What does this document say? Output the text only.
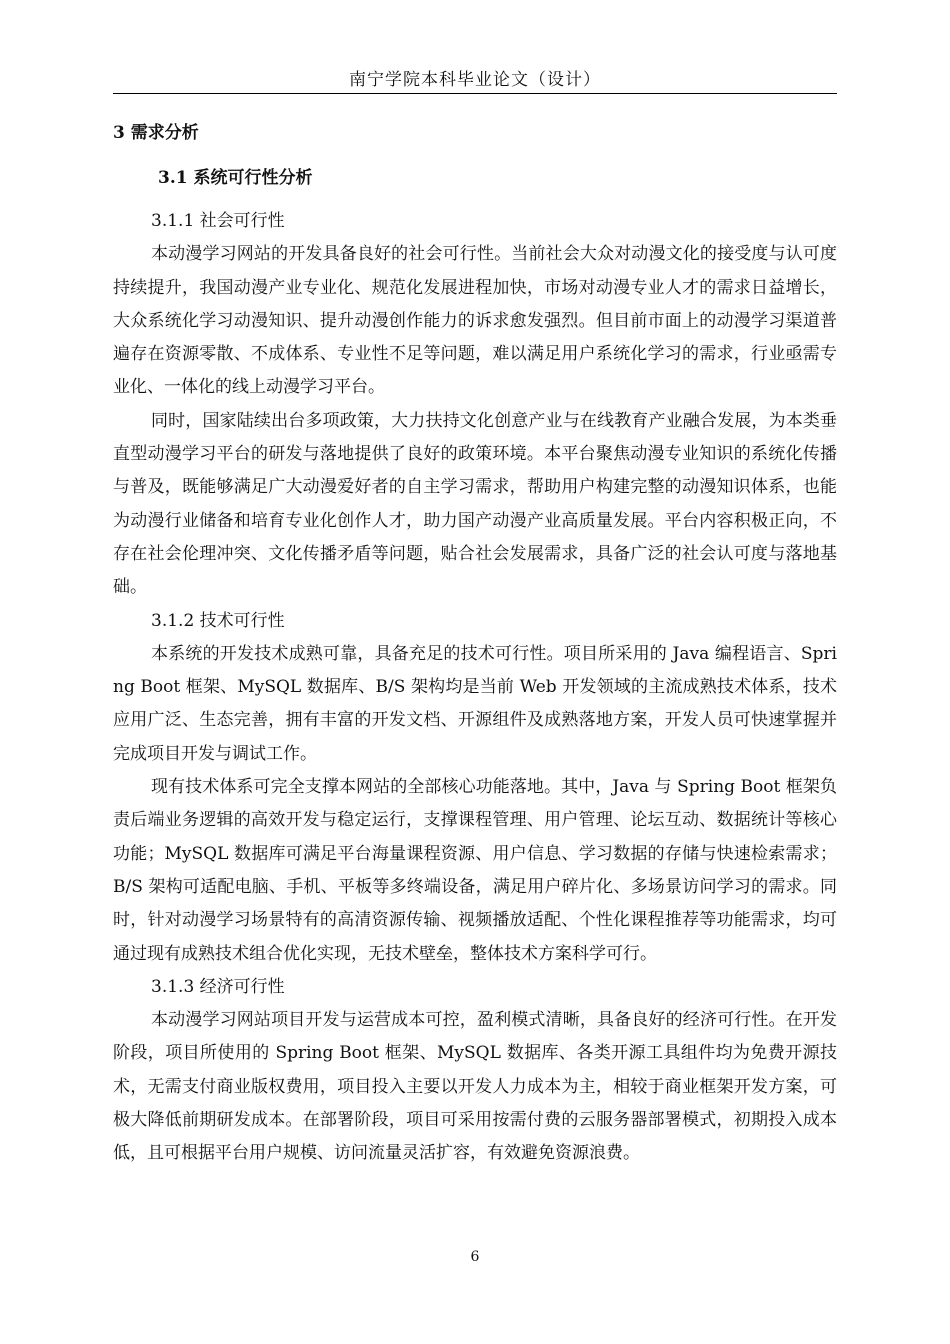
南宁学院本科毕业论文（设计）
3 需求分析
3.1 系统可行性分析

3.1.1 社会可行性

本动漫学习网站的开发具备良好的社会可行性。当前社会大众对动漫文化的接受度与认可度持续提升，我国动漫产业专业化、规范化发展进程加快，市场对动漫专业人才的需求日益增长，大众系统化学习动漫知识、提升动漫创作能力的诉求愈发强烈。但目前市面上的动漫学习渠道普遍存在资源零散、不成体系、专业性不足等问题，难以满足用户系统化学习的需求，行业亟需专业化、一体化的线上动漫学习平台。

同时，国家陆续出台多项政策，大力扶持文化创意产业与在线教育产业融合发展，为本类垂直型动漫学习平台的研发与落地提供了良好的政策环境。本平台聚焦动漫专业知识的系统化传播与普及，既能够满足广大动漫爱好者的自主学习需求，帮助用户构建完整的动漫知识体系，也能为动漫行业储备和培育专业化创作人才，助力国产动漫产业高质量发展。平台内容积极正向，不存在社会伦理冲突、文化传播矛盾等问题，贴合社会发展需求，具备广泛的社会认可度与落地基础。

3.1.2 技术可行性

本系统的开发技术成熟可靠，具备充足的技术可行性。项目所采用的 Java 编程语言、Spring Boot 框架、MySQL 数据库、B/S 架构均是当前 Web 开发领域的主流成熟技术体系，技术应用广泛、生态完善，拥有丰富的开发文档、开源组件及成熟落地方案，开发人员可快速掌握并完成项目开发与调试工作。

现有技术体系可完全支撑本网站的全部核心功能落地。其中，Java 与 Spring Boot 框架负责后端业务逻辑的高效开发与稳定运行，支撑课程管理、用户管理、论坛互动、数据统计等核心功能；MySQL 数据库可满足平台海量课程资源、用户信息、学习数据的存储与快速检索需求；B/S 架构可适配电脑、手机、平板等多终端设备，满足用户碎片化、多场景访问学习的需求。同时，针对动漫学习场景特有的高清资源传输、视频播放适配、个性化课程推荐等功能需求，均可通过现有成熟技术组合优化实现，无技术壁垒，整体技术方案科学可行。

3.1.3 经济可行性

本动漫学习网站项目开发与运营成本可控，盈利模式清晰，具备良好的经济可行性。在开发阶段，项目所使用的 Spring Boot 框架、MySQL 数据库、各类开源工具组件均为免费开源技术，无需支付商业版权费用，项目投入主要以开发人力成本为主，相较于商业框架开发方案，可极大降低前期研发成本。在部署阶段，项目可采用按需付费的云服务器部署模式，初期投入成本低，且可根据平台用户规模、访问流量灵活扩容，有效避免资源浪费。

6
